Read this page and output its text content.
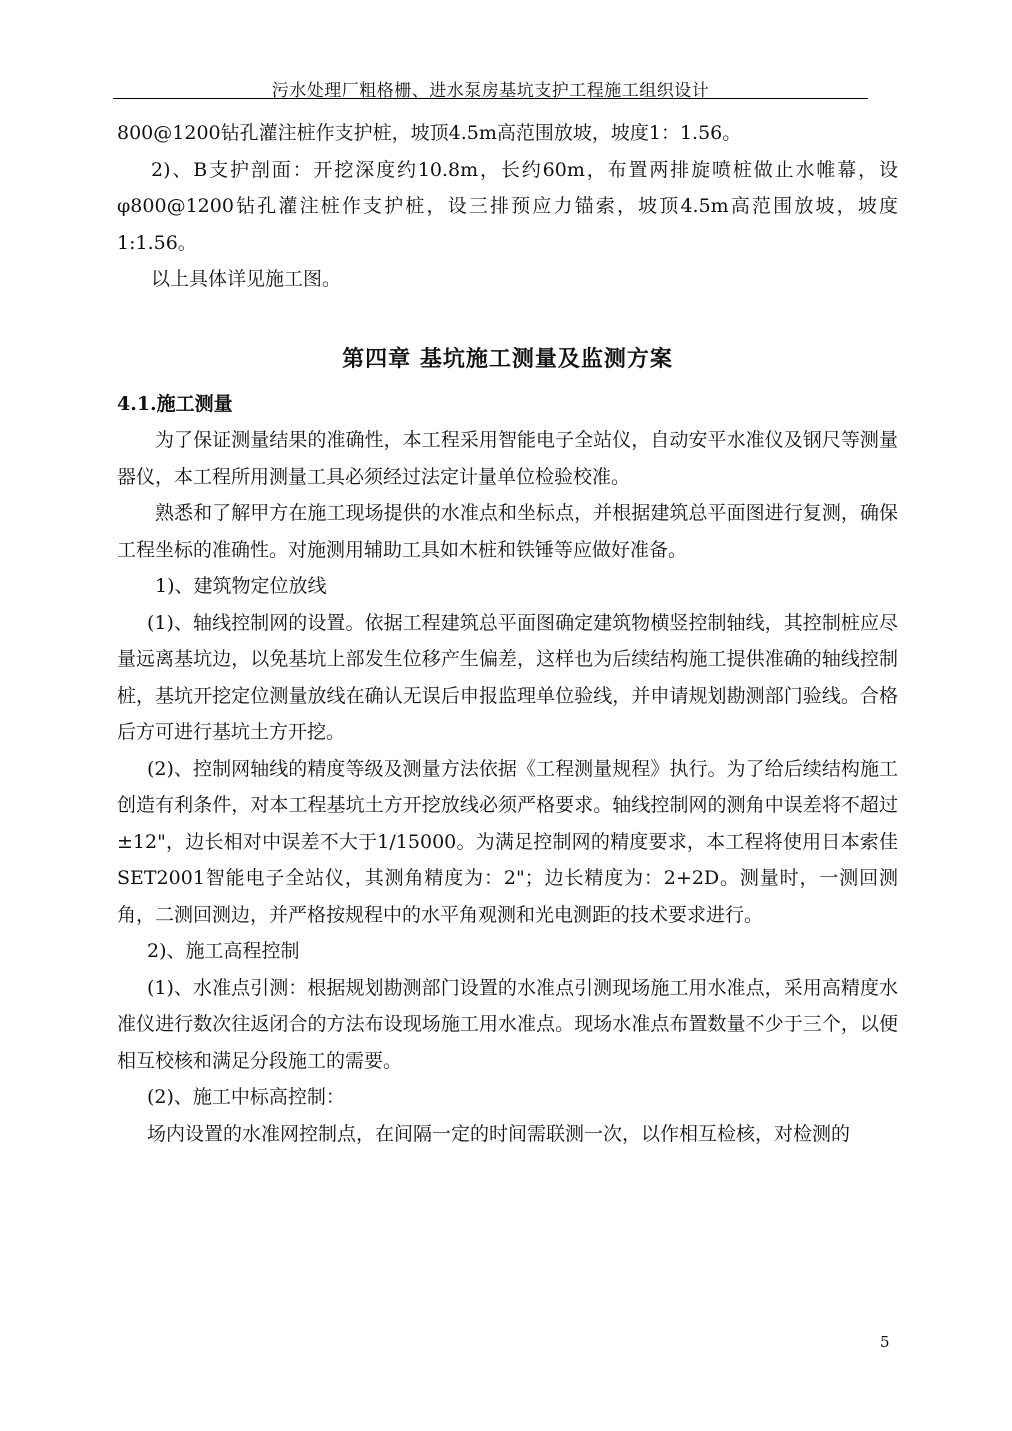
污水处理厂粗格栅、进水泵房基坑支护工程施工组织设计

800@1200钻孔灌注桩作支护桩，坡顶4.5m高范围放坡，坡度1：1.56。

2)、B支护剖面：开挖深度约10.8m，长约60m，布置两排旋喷桩做止水帷幕，设φ800@1200钻孔灌注桩作支护桩，设三排预应力锚索，坡顶4.5m高范围放坡，坡度1:1.56。

以上具体详见施工图。

第四章 基坑施工测量及监测方案
4.1.施工测量

为了保证测量结果的准确性，本工程采用智能电子全站仪，自动安平水准仪及钢尺等测量器仪，本工程所用测量工具必须经过法定计量单位检验校准。

熟悉和了解甲方在施工现场提供的水准点和坐标点，并根据建筑总平面图进行复测，确保工程坐标的准确性。对施测用辅助工具如木桩和铁锤等应做好准备。

1)、建筑物定位放线

(1)、轴线控制网的设置。依据工程建筑总平面图确定建筑物横竖控制轴线，其控制桩应尽量远离基坑边，以免基坑上部发生位移产生偏差，这样也为后续结构施工提供准确的轴线控制桩，基坑开挖定位测量放线在确认无误后申报监理单位验线，并申请规划勘测部门验线。合格后方可进行基坑土方开挖。

(2)、控制网轴线的精度等级及测量方法依据《工程测量规程》执行。为了给后续结构施工创造有利条件，对本工程基坑土方开挖放线必须严格要求。轴线控制网的测角中误差将不超过±12"，边长相对中误差不大于1/15000。为满足控制网的精度要求，本工程将使用日本索佳SET2001智能电子全站仪，其测角精度为：2"；边长精度为：2+2D。测量时，一测回测角，二测回测边，并严格按规程中的水平角观测和光电测距的技术要求进行。

2)、施工高程控制

(1)、水准点引测：根据规划勘测部门设置的水准点引测现场施工用水准点，采用高精度水准仪进行数次往返闭合的方法布设现场施工用水准点。现场水准点布置数量不少于三个，以便相互校核和满足分段施工的需要。

(2)、施工中标高控制：

场内设置的水准网控制点，在间隔一定的时间需联测一次，以作相互检核，对检测的

5
